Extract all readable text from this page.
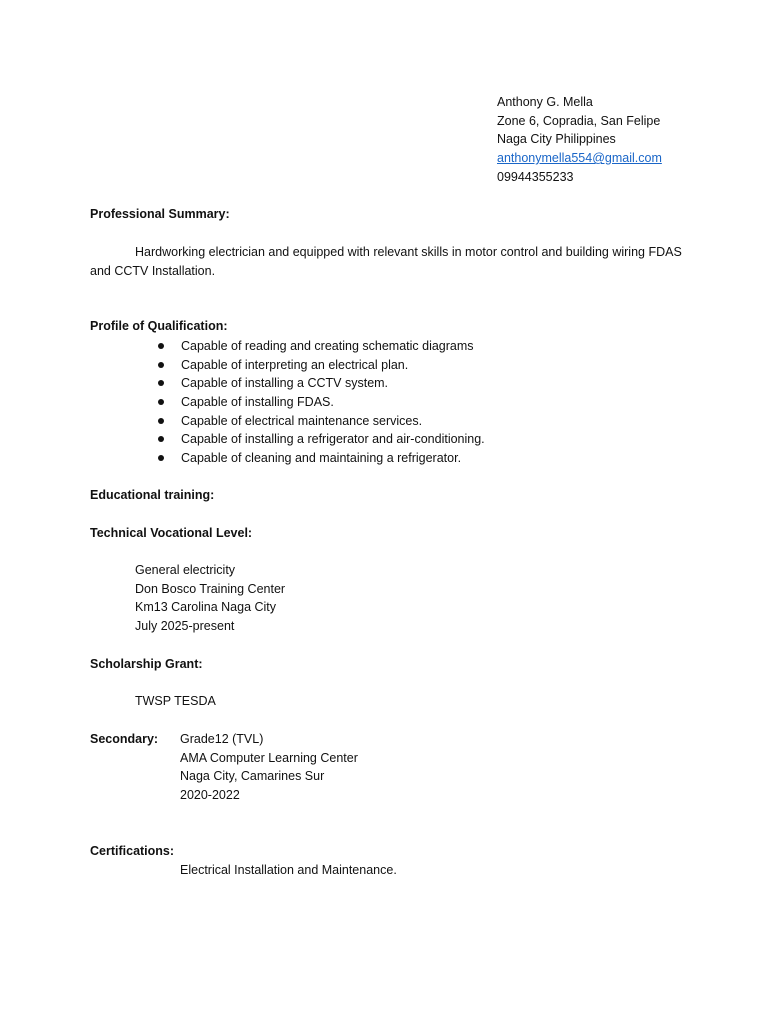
Anthony G. Mella
Zone 6, Copradia, San Felipe
Naga City Philippines
anthonymella554@gmail.com
09944355233
Professional Summary:
Hardworking electrician and equipped with relevant skills in motor control and building wiring FDAS and CCTV Installation.
Profile of Qualification:
Capable of reading and creating schematic diagrams
Capable of interpreting an electrical plan.
Capable of installing a CCTV system.
Capable of installing FDAS.
Capable of electrical maintenance services.
Capable of installing a refrigerator and air-conditioning.
Capable of cleaning and maintaining a refrigerator.
Educational training:
Technical Vocational Level:
General electricity
Don Bosco Training Center
Km13 Carolina Naga City
July 2025-present
Scholarship Grant:
TWSP TESDA
Secondary: Grade12 (TVL)
AMA Computer Learning Center
Naga City, Camarines Sur
2020-2022
Certifications:
Electrical Installation and Maintenance.
